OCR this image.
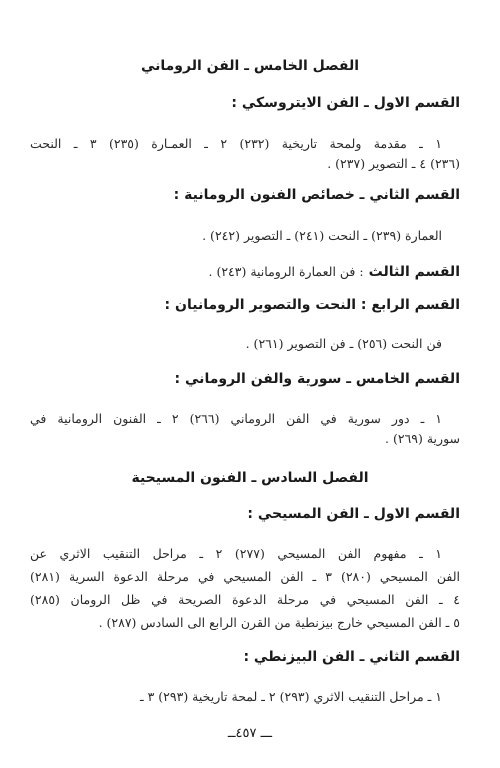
الفصل الخامس ـ الفن الروماني
القسم الاول ـ الفن الايتروسكي :
١ ـ مقدمة ولمحة تاريخية (٢٣٢) ٢ ـ العمـارة (٢٣٥) ٣ ـ النحت
(٢٣٦) ٤ ـ التصوير (٢٣٧) .
القسم الثاني ـ خصائص الفنون الرومانية :
العمارة (٢٣٩) ـ النحت (٢٤١) ـ التصوير (٢٤٢) .
القسم الثالث : فن العمارة الرومانية (٢٤٣) .
القسم الرابع : النحت والتصوير الرومانيان :
فن النحت (٢٥٦) ـ فن التصوير (٢٦١) .
القسم الخامس ـ سورية والفن الروماني :
١ ـ دور سورية في الفن الروماني (٢٦٦) ٢ ـ الفنون الرومانية في
سورية (٢٦٩) .
الفصل السادس ـ الفنون المسيحية
القسم الاول ـ الفن المسيحي :
١ ـ مفهوم الفن المسيحي (٢٧٧) ٢ ـ مراحل التنقيب الاثري عن
الفن المسيحي (٢٨٠) ٣ ـ الفن المسيحي في مرحلة الدعوة السرية (٢٨١)
٤ ـ الفن المسيحي في مرحلة الدعوة الصريحة في ظل الرومان (٢٨٥)
٥ ـ الفن المسيحي خارج بيزنطية من القرن الرابع الى السادس (٢٨٧) .
القسم الثاني ـ الفن البيزنطي :
١ ـ مراحل التنقيب الاثري (٢٩٣) ٢ ـ لمحة تاريخية (٢٩٣) ٣ ـ
ـــ ٤٥٧ــ
